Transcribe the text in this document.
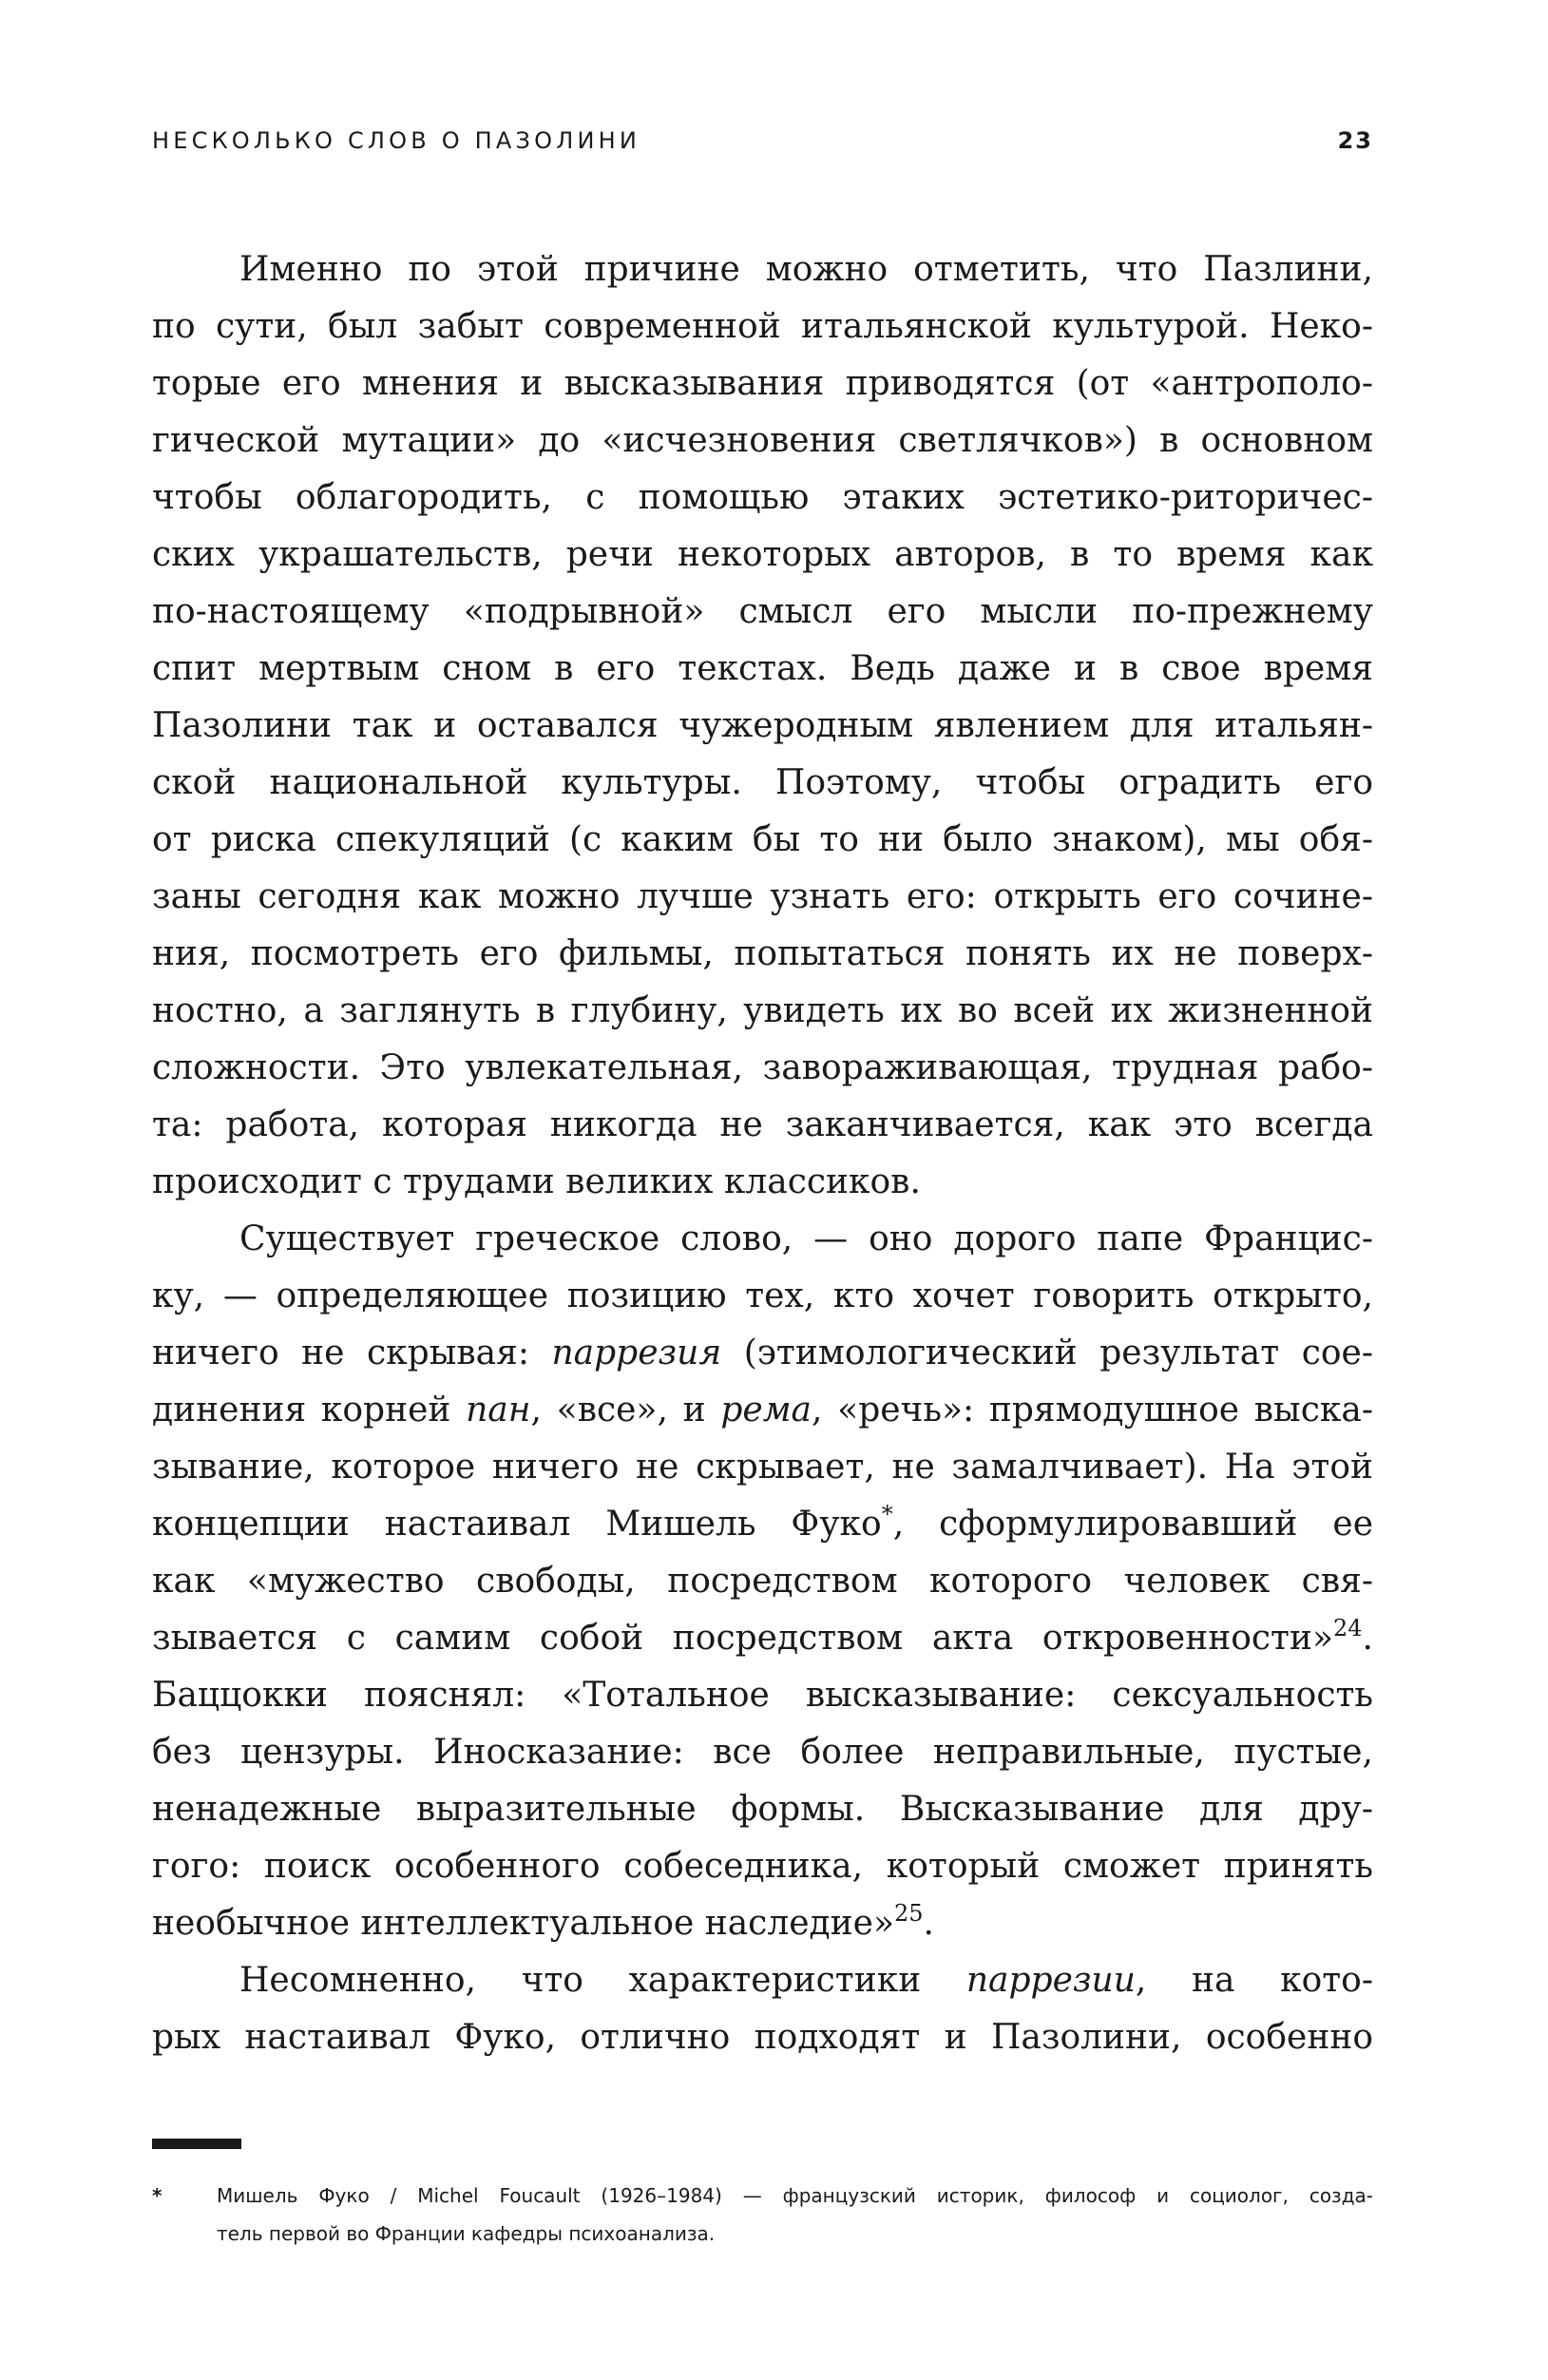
НЕСКОЛЬКО СЛОВ О ПАЗОЛИНИ	23
Именно по этой причине можно отметить, что Пазлини,
по сути, был забыт современной итальянской культурой. Неко-
торые его мнения и высказывания приводятся (от «антрополо-
гической мутации» до «исчезновения светлячков») в основном
чтобы облагородить, с помощью этаких эстетико-риторичес-
ских украшательств, речи некоторых авторов, в то время как
по-настоящему «подрывной» смысл его мысли по-прежнему
спит мертвым сном в его текстах. Ведь даже и в свое время
Пазолини так и оставался чужеродным явлением для итальян-
ской национальной культуры. Поэтому, чтобы оградить его
от риска спекуляций (с каким бы то ни было знаком), мы обя-
заны сегодня как можно лучше узнать его: открыть его сочине-
ния, посмотреть его фильмы, попытаться понять их не поверх-
ностно, а заглянуть в глубину, увидеть их во всей их жизненной
сложности. Это увлекательная, завораживающая, трудная рабо-
та: работа, которая никогда не заканчивается, как это всегда
происходит с трудами великих классиков.
Существует греческое слово, — оно дорого папе Францис-
ку, — определяющее позицию тех, кто хочет говорить открыто,
ничего не скрывая: паррезия (этимологический результат сое-
динения корней пан, «все», и рема, «речь»: прямодушное выска-
зывание, которое ничего не скрывает, не замалчивает). На этой
концепции настаивал Мишель Фуко*, сформулировавший ее
как «мужество свободы, посредством которого человек свя-
зывается с самим собой посредством акта откровенности»$^{24}$.
Баццокки пояснял: «Тотальное высказывание: сексуальность
без цензуры. Иносказание: все более неправильные, пустые,
ненадежные выразительные формы. Высказывание для дру-
гого: поиск особенного собеседника, который сможет принять
необычное интеллектуальное наследие»$^{25}$.
Несомненно, что характеристики паррезии, на кото-
рых настаивал Фуко, отлично подходят и Пазолини, особенно
*	Мишель Фуко / Michel Foucault (1926–1984) — французский историк, философ и социолог, созда-
тель первой во Франции кафедры психоанализа.
